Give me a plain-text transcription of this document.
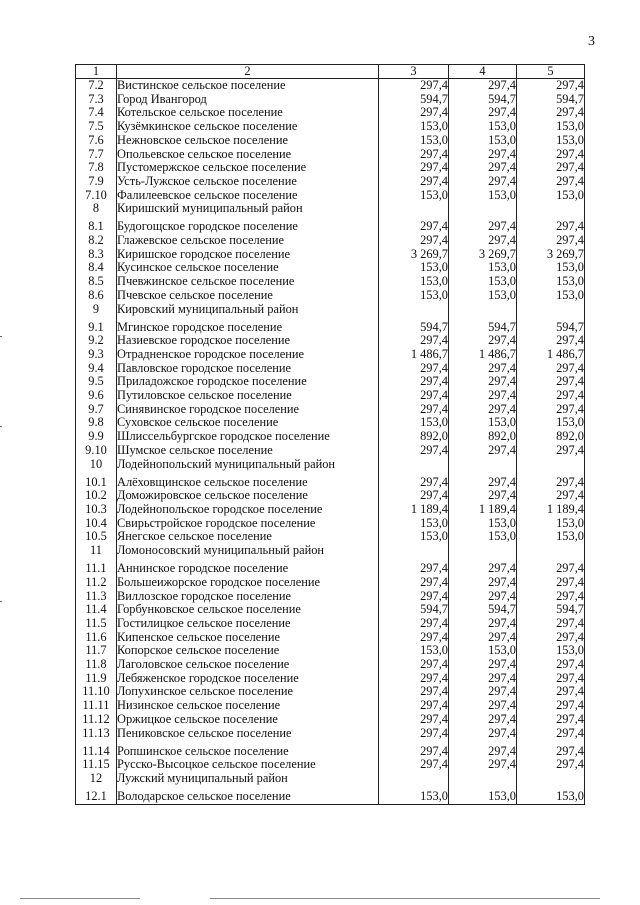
3
1	2	3	4	5
7.2	Вистинское сельское поселение	297,4	297,4	297,4
7.3	Город Ивангород	594,7	594,7	594,7
7.4	Котельское сельское поселение	297,4	297,4	297,4
7.5	Кузёмкинское сельское поселение	153,0	153,0	153,0
7.6	Нежновское сельское поселение	153,0	153,0	153,0
7.7	Опольевское сельское поселение	297,4	297,4	297,4
7.8	Пустомержское сельское поселение	297,4	297,4	297,4
7.9	Усть-Лужское сельское поселение	297,4	297,4	297,4
7.10	Фалилеевское сельское поселение	153,0	153,0	153,0
8	Киришский муниципальный район			
8.1	Будогощское городское поселение	297,4	297,4	297,4
8.2	Глажевское сельское поселение	297,4	297,4	297,4
8.3	Киришское городское поселение	3 269,7	3 269,7	3 269,7
8.4	Кусинское сельское поселение	153,0	153,0	153,0
8.5	Пчевжинское сельское поселение	153,0	153,0	153,0
8.6	Пчевское сельское поселение	153,0	153,0	153,0
9	Кировский муниципальный район			
9.1	Мгинское городское поселение	594,7	594,7	594,7
9.2	Назиевское городское поселение	297,4	297,4	297,4
9.3	Отрадненское городское поселение	1 486,7	1 486,7	1 486,7
9.4	Павловское городское поселение	297,4	297,4	297,4
9.5	Приладожское городское поселение	297,4	297,4	297,4
9.6	Путиловское сельское поселение	297,4	297,4	297,4
9.7	Синявинское городское поселение	297,4	297,4	297,4
9.8	Суховское сельское поселение	153,0	153,0	153,0
9.9	Шлиссельбургское городское поселение	892,0	892,0	892,0
9.10	Шумское сельское поселение	297,4	297,4	297,4
10	Лодейнопольский муниципальный район			
10.1	Алёховщинское сельское поселение	297,4	297,4	297,4
10.2	Доможировское сельское поселение	297,4	297,4	297,4
10.3	Лодейнопольское городское поселение	1 189,4	1 189,4	1 189,4
10.4	Свирьстройское городское поселение	153,0	153,0	153,0
10.5	Янегское сельское поселение	153,0	153,0	153,0
11	Ломоносовский муниципальный район			
11.1	Аннинское городское поселение	297,4	297,4	297,4
11.2	Большеижорское городское поселение	297,4	297,4	297,4
11.3	Виллозское городское поселение	297,4	297,4	297,4
11.4	Горбунковское сельское поселение	594,7	594,7	594,7
11.5	Гостилицкое сельское поселение	297,4	297,4	297,4
11.6	Кипенское сельское поселение	297,4	297,4	297,4
11.7	Копорское сельское поселение	153,0	153,0	153,0
11.8	Лаголовское сельское поселение	297,4	297,4	297,4
11.9	Лебяженское городское поселение	297,4	297,4	297,4
11.10	Лопухинское сельское поселение	297,4	297,4	297,4
11.11	Низинское сельское поселение	297,4	297,4	297,4
11.12	Оржицкое сельское поселение	297,4	297,4	297,4
11.13	Пениковское сельское поселение	297,4	297,4	297,4
11.14	Ропшинское сельское поселение	297,4	297,4	297,4
11.15	Русско-Высоцкое сельское поселение	297,4	297,4	297,4
12	Лужский муниципальный район			
12.1	Володарское сельское поселение	153,0	153,0	153,0
